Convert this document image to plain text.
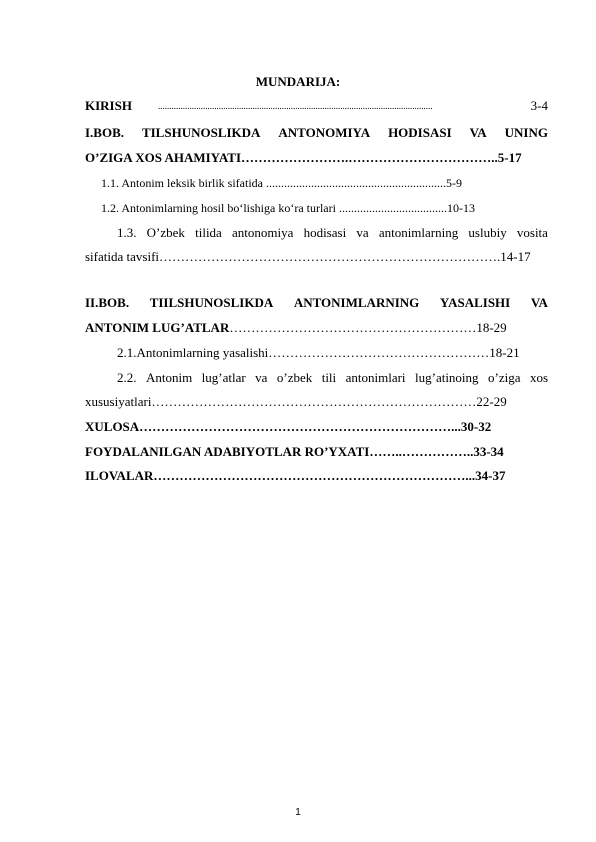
MUNDARIJA:
KIRISH	..........................................................................................................................	3-4
I.BOB. TILSHUNOSLIKDA ANTONOMIYA HODISASI VA UNING
O’ZIGA XOS AHAMIYATI…………………….……………………………..5-17
1.1. Antonim leksik birlik sifatida ............................................................5-9
1.2. Antonimlarning hosil bo‘lishiga ko‘ra turlari ....................................10-13
1.3. O’zbek tilida antonomiya hodisasi va antonimlarning uslubiy vosita
sifatida tavsifi…………………………………………………………………….14-17
II.BOB. TIILSHUNOSLIKDA ANTONIMLARNING YASALISHI VA
ANTONIM LUG’ATLAR…………………………………………………18-29
2.1.Antonimlarning yasalishi……………………………………………18-21
2.2. Antonim lug’atlar va o’zbek tili antonimlari lug’atinoing o’ziga xos
xususiyatlari…………………………………………………………………22-29
XULOSA………………………………………………………………...30-32
FOYDALANILGAN ADABIYOTLAR RO’YXATI……..……………..33-34
ILOVALAR………………………………………………………………...34-37
1
